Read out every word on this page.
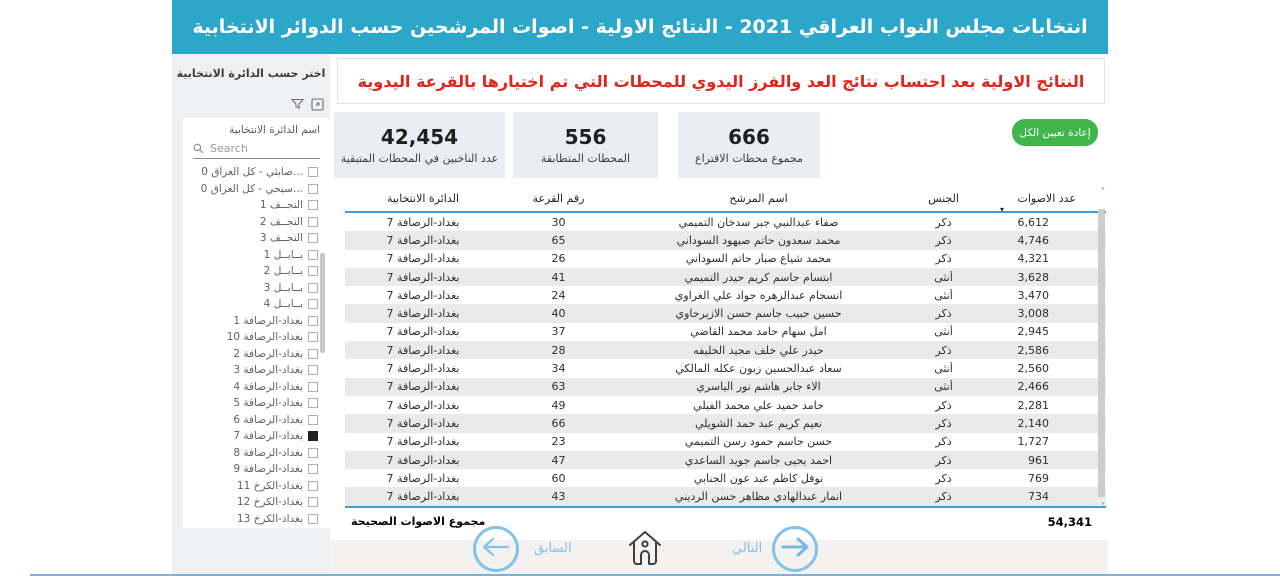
انتخابات مجلس النواب العراقي 2021 - النتائج الاولية - اصوات المرشحين حسب الدوائر الانتخابية
اختر حسب الدائرة الانتخابية
اسم الدائرة الانتخابية
Search
...صابئي - كل العراق 0
...سيحي - كل العراق 0
النجــف 1
النجــف 2
النجــف 3
بــابــل 1
بــابــل 2
بــابــل 3
بــابــل 4
بغداد-الرصافة 1
بغداد-الرصافة 10
بغداد-الرصافة 2
بغداد-الرصافة 3
بغداد-الرصافة 4
بغداد-الرصافة 5
بغداد-الرصافة 6
بغداد-الرصافة 7
بغداد-الرصافة 8
بغداد-الرصافة 9
بغداد-الكرخ 11
بغداد-الكرخ 12
بغداد-الكرخ 13
النتائج الاولية بعد احتساب نتائج العد والفرز اليدوي للمحطات التي تم اختيارها بالقرعة اليدوية
42,454
عدد الناخبين في المحطات المتبقية
556
المحطات المتطابقة
666
مجموع محطات الاقتراع
إعادة تعيين الكل
عدد الاصوات
▾
الجنس
اسم المرشح
رقم القرعة
الدائرة الانتخابية
6,612
ذكر
صفاء عبدالنبي جبر سدخان التميمي
30
بغداد-الرصافة 7
4,746
ذكر
محمد سعدون حاتم صيهود السوداني
65
بغداد-الرصافة 7
4,321
ذكر
محمد شياع صبار حاتم السوداني
26
بغداد-الرصافة 7
3,628
أنثى
ابتسام جاسم كريم حيدر التميمي
41
بغداد-الرصافة 7
3,470
أنثى
انسجام عبدالزهره جواد علي الغراوي
24
بغداد-الرصافة 7
3,008
ذكر
حسين حبيب جاسم حسن الازيرجاوي
40
بغداد-الرصافة 7
2,945
أنثى
امل سهام حامد محمد القاضي
37
بغداد-الرصافة 7
2,586
ذكر
حيدر علي خلف مجيد الخليفه
28
بغداد-الرصافة 7
2,560
أنثى
سعاد عبدالحسين زبون عكله المالكي
34
بغداد-الرصافة 7
2,466
أنثى
الاء جابر هاشم نور الياسري
63
بغداد-الرصافة 7
2,281
ذكر
حامد حميد علي محمد الفيلي
49
بغداد-الرصافة 7
2,140
ذكر
نعيم كريم عبد حمد الشويلي
66
بغداد-الرصافة 7
1,727
ذكر
حسن جاسم حمود رسن التميمي
23
بغداد-الرصافة 7
961
ذكر
احمد يحيى جاسم جويد الساعدي
47
بغداد-الرصافة 7
769
ذكر
نوفل كاظم عبد عون الجنابي
60
بغداد-الرصافة 7
734
ذكر
انمار عبدالهادي مظاهر حسن الرديني
43
بغداد-الرصافة 7
54,341
مجموع الاصوات الصحيحة
˄
˅
السابق	التالي
